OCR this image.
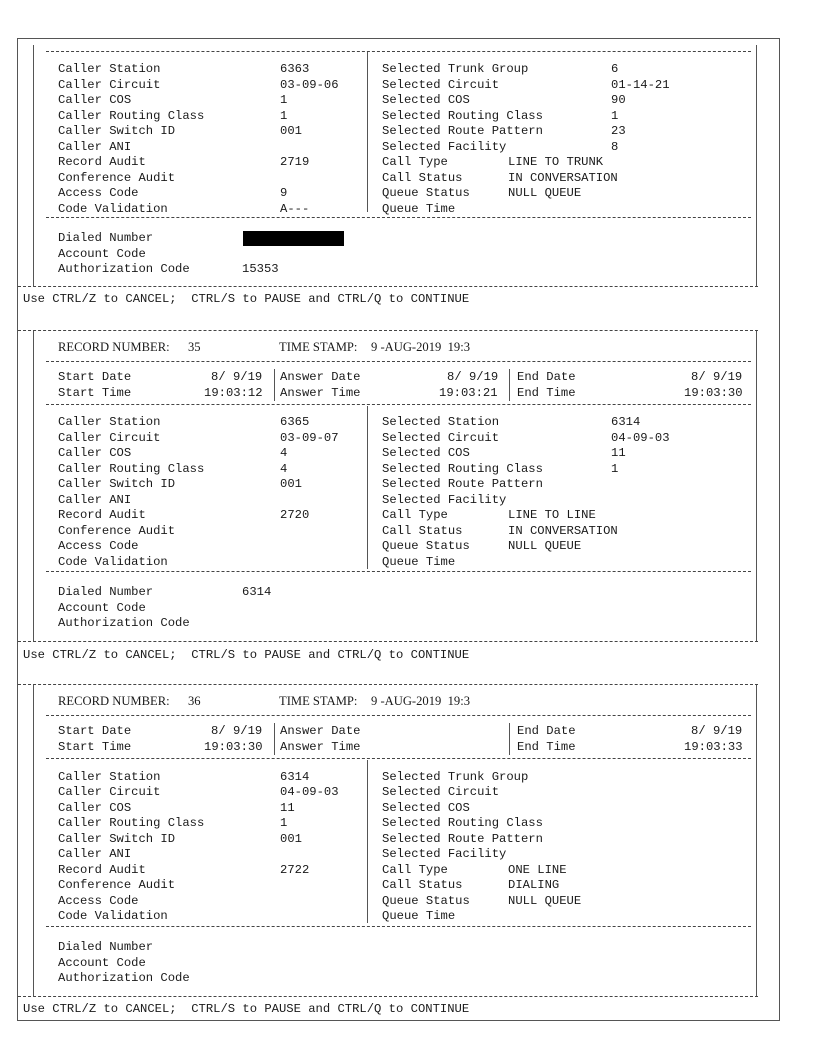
Caller Station	6363
Caller Circuit	03-09-06
Caller COS	1
Caller Routing Class	1
Caller Switch ID	001
Caller ANI
Record Audit	2719
Conference Audit
Access Code	9
Code Validation	A---
Selected Trunk Group	6
Selected Circuit	01-14-21
Selected COS	90
Selected Routing Class	1
Selected Route Pattern	23
Selected Facility	8
Call Type	LINE TO TRUNK
Call Status	IN CONVERSATION
Queue Status	NULL QUEUE
Queue Time
Dialed Number
Account Code
Authorization Code	15353
Use CTRL/Z to CANCEL;  CTRL/S to PAUSE and CTRL/Q to CONTINUE
RECORD NUMBER: 35	TIME STAMP: 9 -AUG-2019  19:3
Start Date	8/ 9/19
Start Time	19:03:12
Answer Date	8/ 9/19
Answer Time	19:03:21
End Date	8/ 9/19
End Time	19:03:30
Caller Station	6365
Caller Circuit	03-09-07
Caller COS	4
Caller Routing Class	4
Caller Switch ID	001
Caller ANI
Record Audit	2720
Conference Audit
Access Code
Code Validation
Selected Station	6314
Selected Circuit	04-09-03
Selected COS	11
Selected Routing Class	1
Selected Route Pattern
Selected Facility
Call Type	LINE TO LINE
Call Status	IN CONVERSATION
Queue Status	NULL QUEUE
Queue Time
Dialed Number	6314
Account Code
Authorization Code
Use CTRL/Z to CANCEL;  CTRL/S to PAUSE and CTRL/Q to CONTINUE
RECORD NUMBER: 36	TIME STAMP: 9 -AUG-2019  19:3
Start Date	8/ 9/19
Start Time	19:03:30
Answer Date
Answer Time
End Date	8/ 9/19
End Time	19:03:33
Caller Station	6314
Caller Circuit	04-09-03
Caller COS	11
Caller Routing Class	1
Caller Switch ID	001
Caller ANI
Record Audit	2722
Conference Audit
Access Code
Code Validation
Selected Trunk Group
Selected Circuit
Selected COS
Selected Routing Class
Selected Route Pattern
Selected Facility
Call Type	ONE LINE
Call Status	DIALING
Queue Status	NULL QUEUE
Queue Time
Dialed Number
Account Code
Authorization Code
Use CTRL/Z to CANCEL;  CTRL/S to PAUSE and CTRL/Q to CONTINUE
